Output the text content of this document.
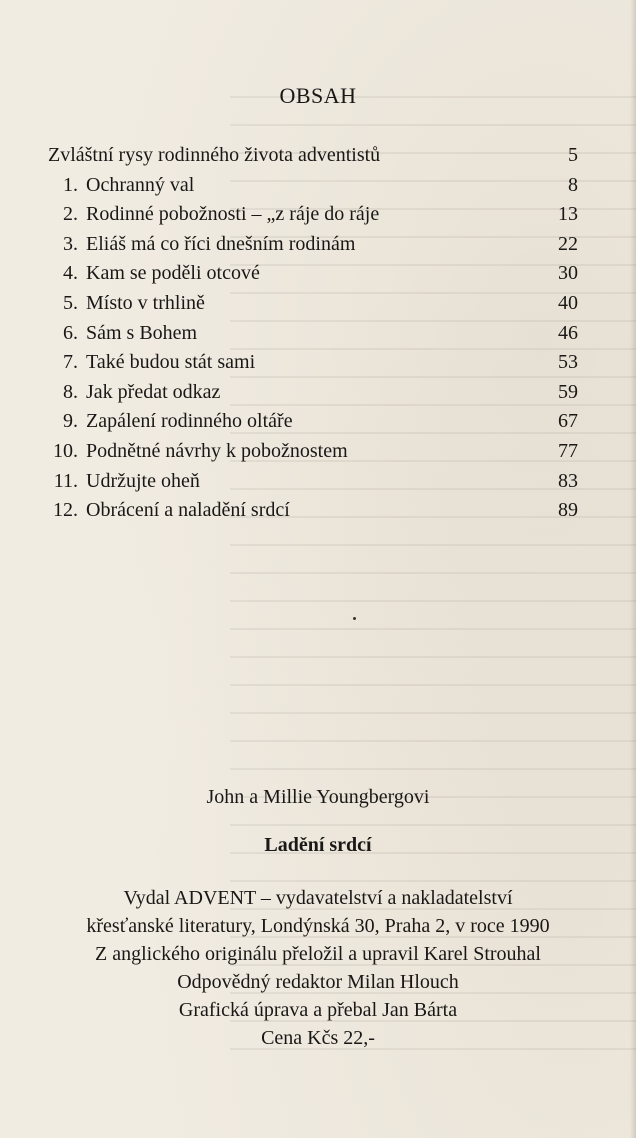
OBSAH
Zvláštní rysy rodinného života adventistů	5
1. Ochranný val	8
2. Rodinné pobožnosti – „z ráje do ráje	13
3. Eliáš má co říci dnešním rodinám	22
4. Kam se poděli otcové	30
5. Místo v trhlině	40
6. Sám s Bohem	46
7. Také budou stát sami	53
8. Jak předat odkaz	59
9. Zapálení rodinného oltáře	67
10. Podnětné návrhy k pobožnostem	77
11. Udržujte oheň	83
12. Obrácení a naladění srdcí	89
John a Millie Youngbergovi
Ladění srdcí
Vydal ADVENT – vydavatelství a nakladatelství
křesťanské literatury, Londýnská 30, Praha 2, v roce 1990
Z anglického originálu přeložil a upravil Karel Strouhal
Odpovědný redaktor Milan Hlouch
Grafická úprava a přebal Jan Bárta
Cena Kčs 22,-
